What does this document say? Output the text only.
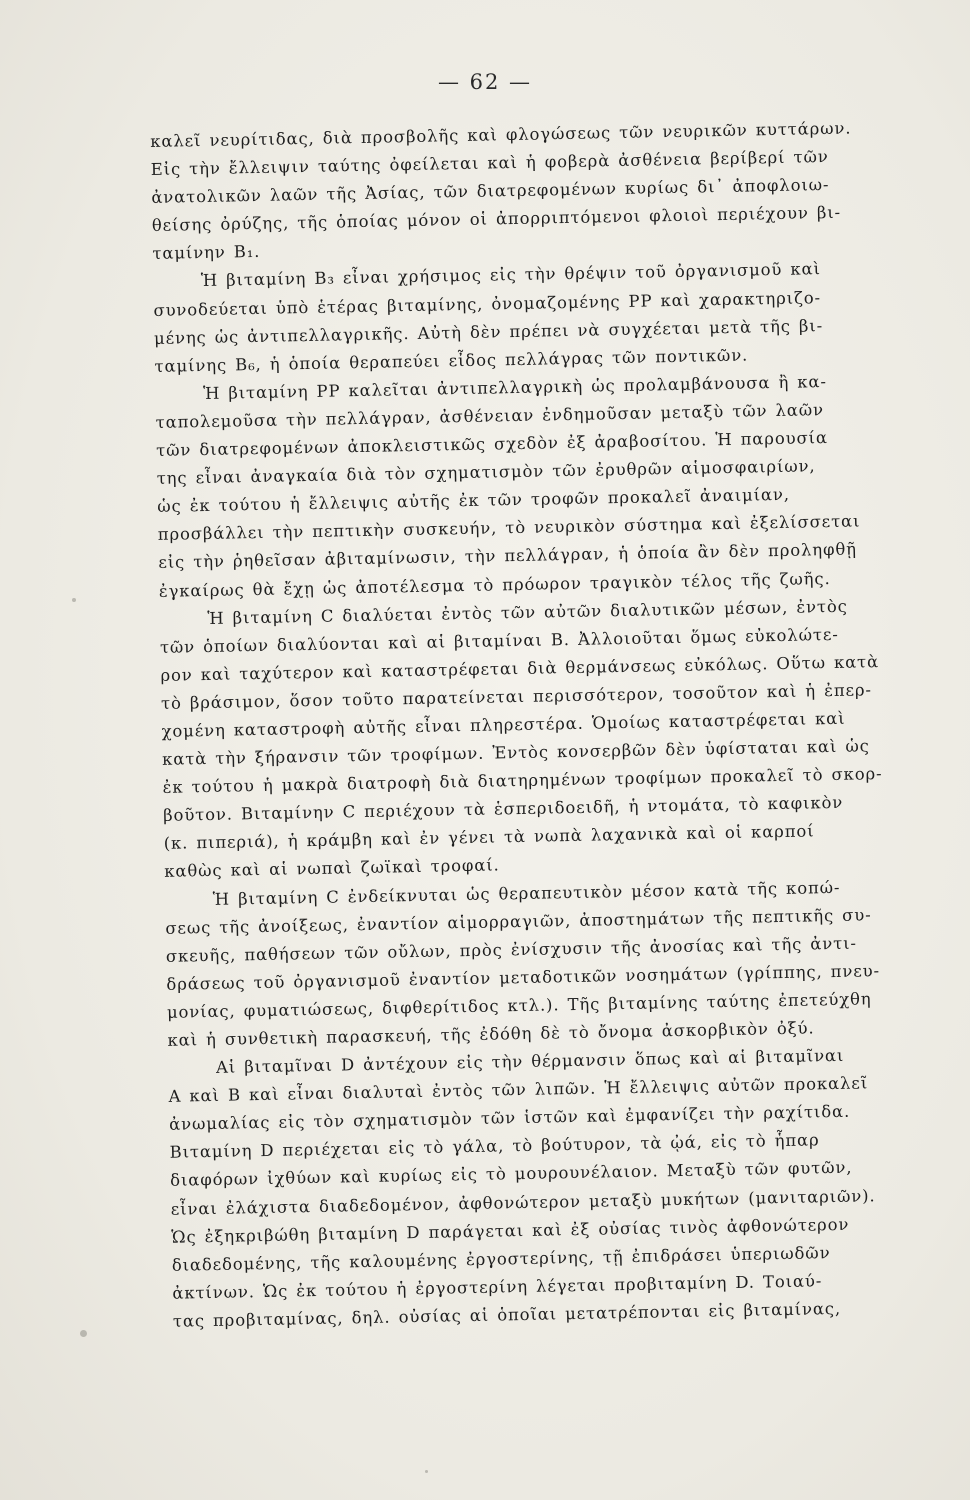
— 62 —
καλεῖ νευρίτιδας, διὰ προσβολῆς καὶ φλογώσεως τῶν νευρικῶν κυττάρων.
Εἰς τὴν ἔλλειψιν ταύτης ὀφείλεται καὶ ἡ φοβερὰ ἀσθένεια βερίβερί τῶν
ἀνατολικῶν λαῶν τῆς Ἀσίας, τῶν διατρεφομένων κυρίως δι᾽ ἀποφλοιω-
θείσης ὀρύζης, τῆς ὁποίας μόνον οἱ ἀπορριπτόμενοι φλοιοὶ περιέχουν βι-
ταμίνην B₁.
Ἡ βιταμίνη B₃ εἶναι χρήσιμος εἰς τὴν θρέψιν τοῦ ὀργανισμοῦ καὶ
συνοδεύεται ὑπὸ ἑτέρας βιταμίνης, ὀνομαζομένης PP καὶ χαρακτηριζο-
μένης ὡς ἀντιπελλαγρικῆς. Αὐτὴ δὲν πρέπει νὰ συγχέεται μετὰ τῆς βι-
ταμίνης B₆, ἡ ὁποία θεραπεύει εἶδος πελλάγρας τῶν ποντικῶν.
Ἡ βιταμίνη PP καλεῖται ἀντιπελλαγρικὴ ὡς προλαμβάνουσα ἢ κα-
ταπολεμοῦσα τὴν πελλάγραν, ἀσθένειαν ἐνδημοῦσαν μεταξὺ τῶν λαῶν
τῶν διατρεφομένων ἀποκλειστικῶς σχεδὸν ἐξ ἀραβοσίτου. Ἡ παρουσία
της εἶναι ἀναγκαία διὰ τὸν σχηματισμὸν τῶν ἐρυθρῶν αἱμοσφαιρίων,
ὡς ἐκ τούτου ἡ ἔλλειψις αὐτῆς ἐκ τῶν τροφῶν προκαλεῖ ἀναιμίαν,
προσβάλλει τὴν πεπτικὴν συσκευήν, τὸ νευρικὸν σύστημα καὶ ἐξελίσσεται
εἰς τὴν ῥηθεῖσαν ἀβιταμίνωσιν, τὴν πελλάγραν, ἡ ὁποία ἂν δὲν προληφθῇ
ἐγκαίρως θὰ ἔχῃ ὡς ἀποτέλεσμα τὸ πρόωρον τραγικὸν τέλος τῆς ζωῆς.
Ἡ βιταμίνη C διαλύεται ἐντὸς τῶν αὐτῶν διαλυτικῶν μέσων, ἐντὸς
τῶν ὁποίων διαλύονται καὶ αἱ βιταμίναι B. Ἀλλοιοῦται ὅμως εὐκολώτε-
ρον καὶ ταχύτερον καὶ καταστρέφεται διὰ θερμάνσεως εὐκόλως. Οὕτω κατὰ
τὸ βράσιμον, ὅσον τοῦτο παρατείνεται περισσότερον, τοσοῦτον καὶ ἡ ἐπερ-
χομένη καταστροφὴ αὐτῆς εἶναι πληρεστέρα. Ὁμοίως καταστρέφεται καὶ
κατὰ τὴν ξήρανσιν τῶν τροφίμων. Ἐντὸς κονσερβῶν δὲν ὑφίσταται καὶ ὡς
ἐκ τούτου ἡ μακρὰ διατροφὴ διὰ διατηρημένων τροφίμων προκαλεῖ τὸ σκορ-
βοῦτον. Βιταμίνην C περιέχουν τὰ ἑσπεριδοειδῆ, ἡ ντομάτα, τὸ καφικὸν
(κ. πιπεριά), ἡ κράμβη καὶ ἐν γένει τὰ νωπὰ λαχανικὰ καὶ οἱ καρποί
καθὼς καὶ αἱ νωπαὶ ζωϊκαὶ τροφαί.
Ἡ βιταμίνη C ἐνδείκνυται ὡς θεραπευτικὸν μέσον κατὰ τῆς κοπώ-
σεως τῆς ἀνοίξεως, ἐναντίον αἱμορραγιῶν, ἀποστημάτων τῆς πεπτικῆς συ-
σκευῆς, παθήσεων τῶν οὔλων, πρὸς ἐνίσχυσιν τῆς ἀνοσίας καὶ τῆς ἀντι-
δράσεως τοῦ ὀργανισμοῦ ἐναντίον μεταδοτικῶν νοσημάτων (γρίππης, πνευ-
μονίας, φυματιώσεως, διφθερίτιδος κτλ.). Τῆς βιταμίνης ταύτης ἐπετεύχθη
καὶ ἡ συνθετικὴ παρασκευή, τῆς ἐδόθη δὲ τὸ ὄνομα ἀσκορβικὸν ὀξύ.
Αἱ βιταμῖναι D ἀντέχουν εἰς τὴν θέρμανσιν ὅπως καὶ αἱ βιταμῖναι
A καὶ B καὶ εἶναι διαλυταὶ ἐντὸς τῶν λιπῶν. Ἡ ἔλλειψις αὐτῶν προκαλεῖ
ἀνωμαλίας εἰς τὸν σχηματισμὸν τῶν ἱστῶν καὶ ἐμφανίζει τὴν ραχίτιδα.
Βιταμίνη D περιέχεται εἰς τὸ γάλα, τὸ βούτυρον, τὰ ᾠά, εἰς τὸ ἧπαρ
διαφόρων ἰχθύων καὶ κυρίως εἰς τὸ μουρουνέλαιον. Μεταξὺ τῶν φυτῶν,
εἶναι ἐλάχιστα διαδεδομένον, ἀφθονώτερον μεταξὺ μυκήτων (μανιταριῶν).
Ὡς ἐξηκριβώθη βιταμίνη D παράγεται καὶ ἐξ οὐσίας τινὸς ἀφθονώτερον
διαδεδομένης, τῆς καλουμένης ἐργοστερίνης, τῇ ἐπιδράσει ὑπεριωδῶν
ἀκτίνων. Ὡς ἐκ τούτου ἡ ἐργοστερίνη λέγεται προβιταμίνη D. Τοιαύ-
τας προβιταμίνας, δηλ. οὐσίας αἱ ὁποῖαι μετατρέπονται εἰς βιταμίνας,
